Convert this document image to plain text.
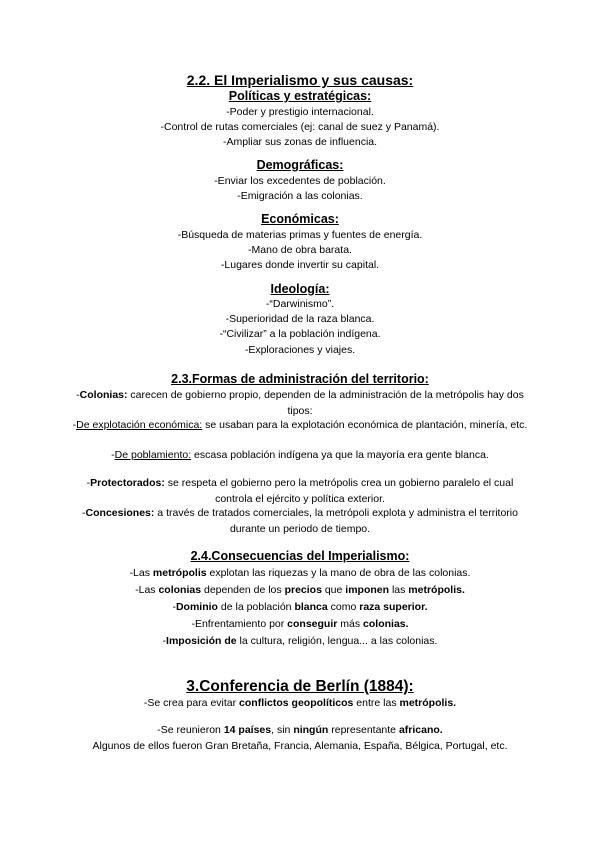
2.2. El Imperialismo y sus causas:
Políticas y estratégicas:
-Poder y prestigio internacional.
-Control de rutas comerciales (ej: canal de suez y Panamá).
-Ampliar sus zonas de influencia.
Demográficas:
-Enviar los excedentes de población.
-Emigración a las colonias.
Económicas:
-Búsqueda de materias primas y fuentes de energía.
-Mano de obra barata.
-Lugares donde invertir su capital.
Ideología:
-“Darwinismo”.
-Superioridad de la raza blanca.
-“Civilizar” a la población indígena.
-Exploraciones y viajes.
2.3.Formas de administración del territorio:
-Colonias: carecen de gobierno propio, dependen de la administración de la metrópolis hay dos tipos:
-De explotación económica: se usaban para la explotación económica de plantación, minería, etc.
-De poblamiento: escasa población indígena ya que la mayoría era gente blanca.
-Protectorados: se respeta el gobierno pero la metrópolis crea un gobierno paralelo el cual controla el ejército y política exterior.
-Concesiones: a través de tratados comerciales, la metrópoli explota y administra el territorio durante un periodo de tiempo.
2.4.Consecuencias del Imperialismo:
-Las metrópolis explotan las riquezas y la mano de obra de las colonias.
-Las colonias dependen de los precios que imponen las metrópolis.
-Dominio de la población blanca como raza superior.
-Enfrentamiento por conseguir más colonias.
-Imposición de la cultura, religión, lengua... a las colonias.
3.Conferencia de Berlín (1884):
-Se crea para evitar conflictos geopolíticos entre las metrópolis.
-Se reunieron 14 países, sin ningún representante africano.
Algunos de ellos fueron Gran Bretaña, Francia, Alemania, España, Bélgica, Portugal, etc.
